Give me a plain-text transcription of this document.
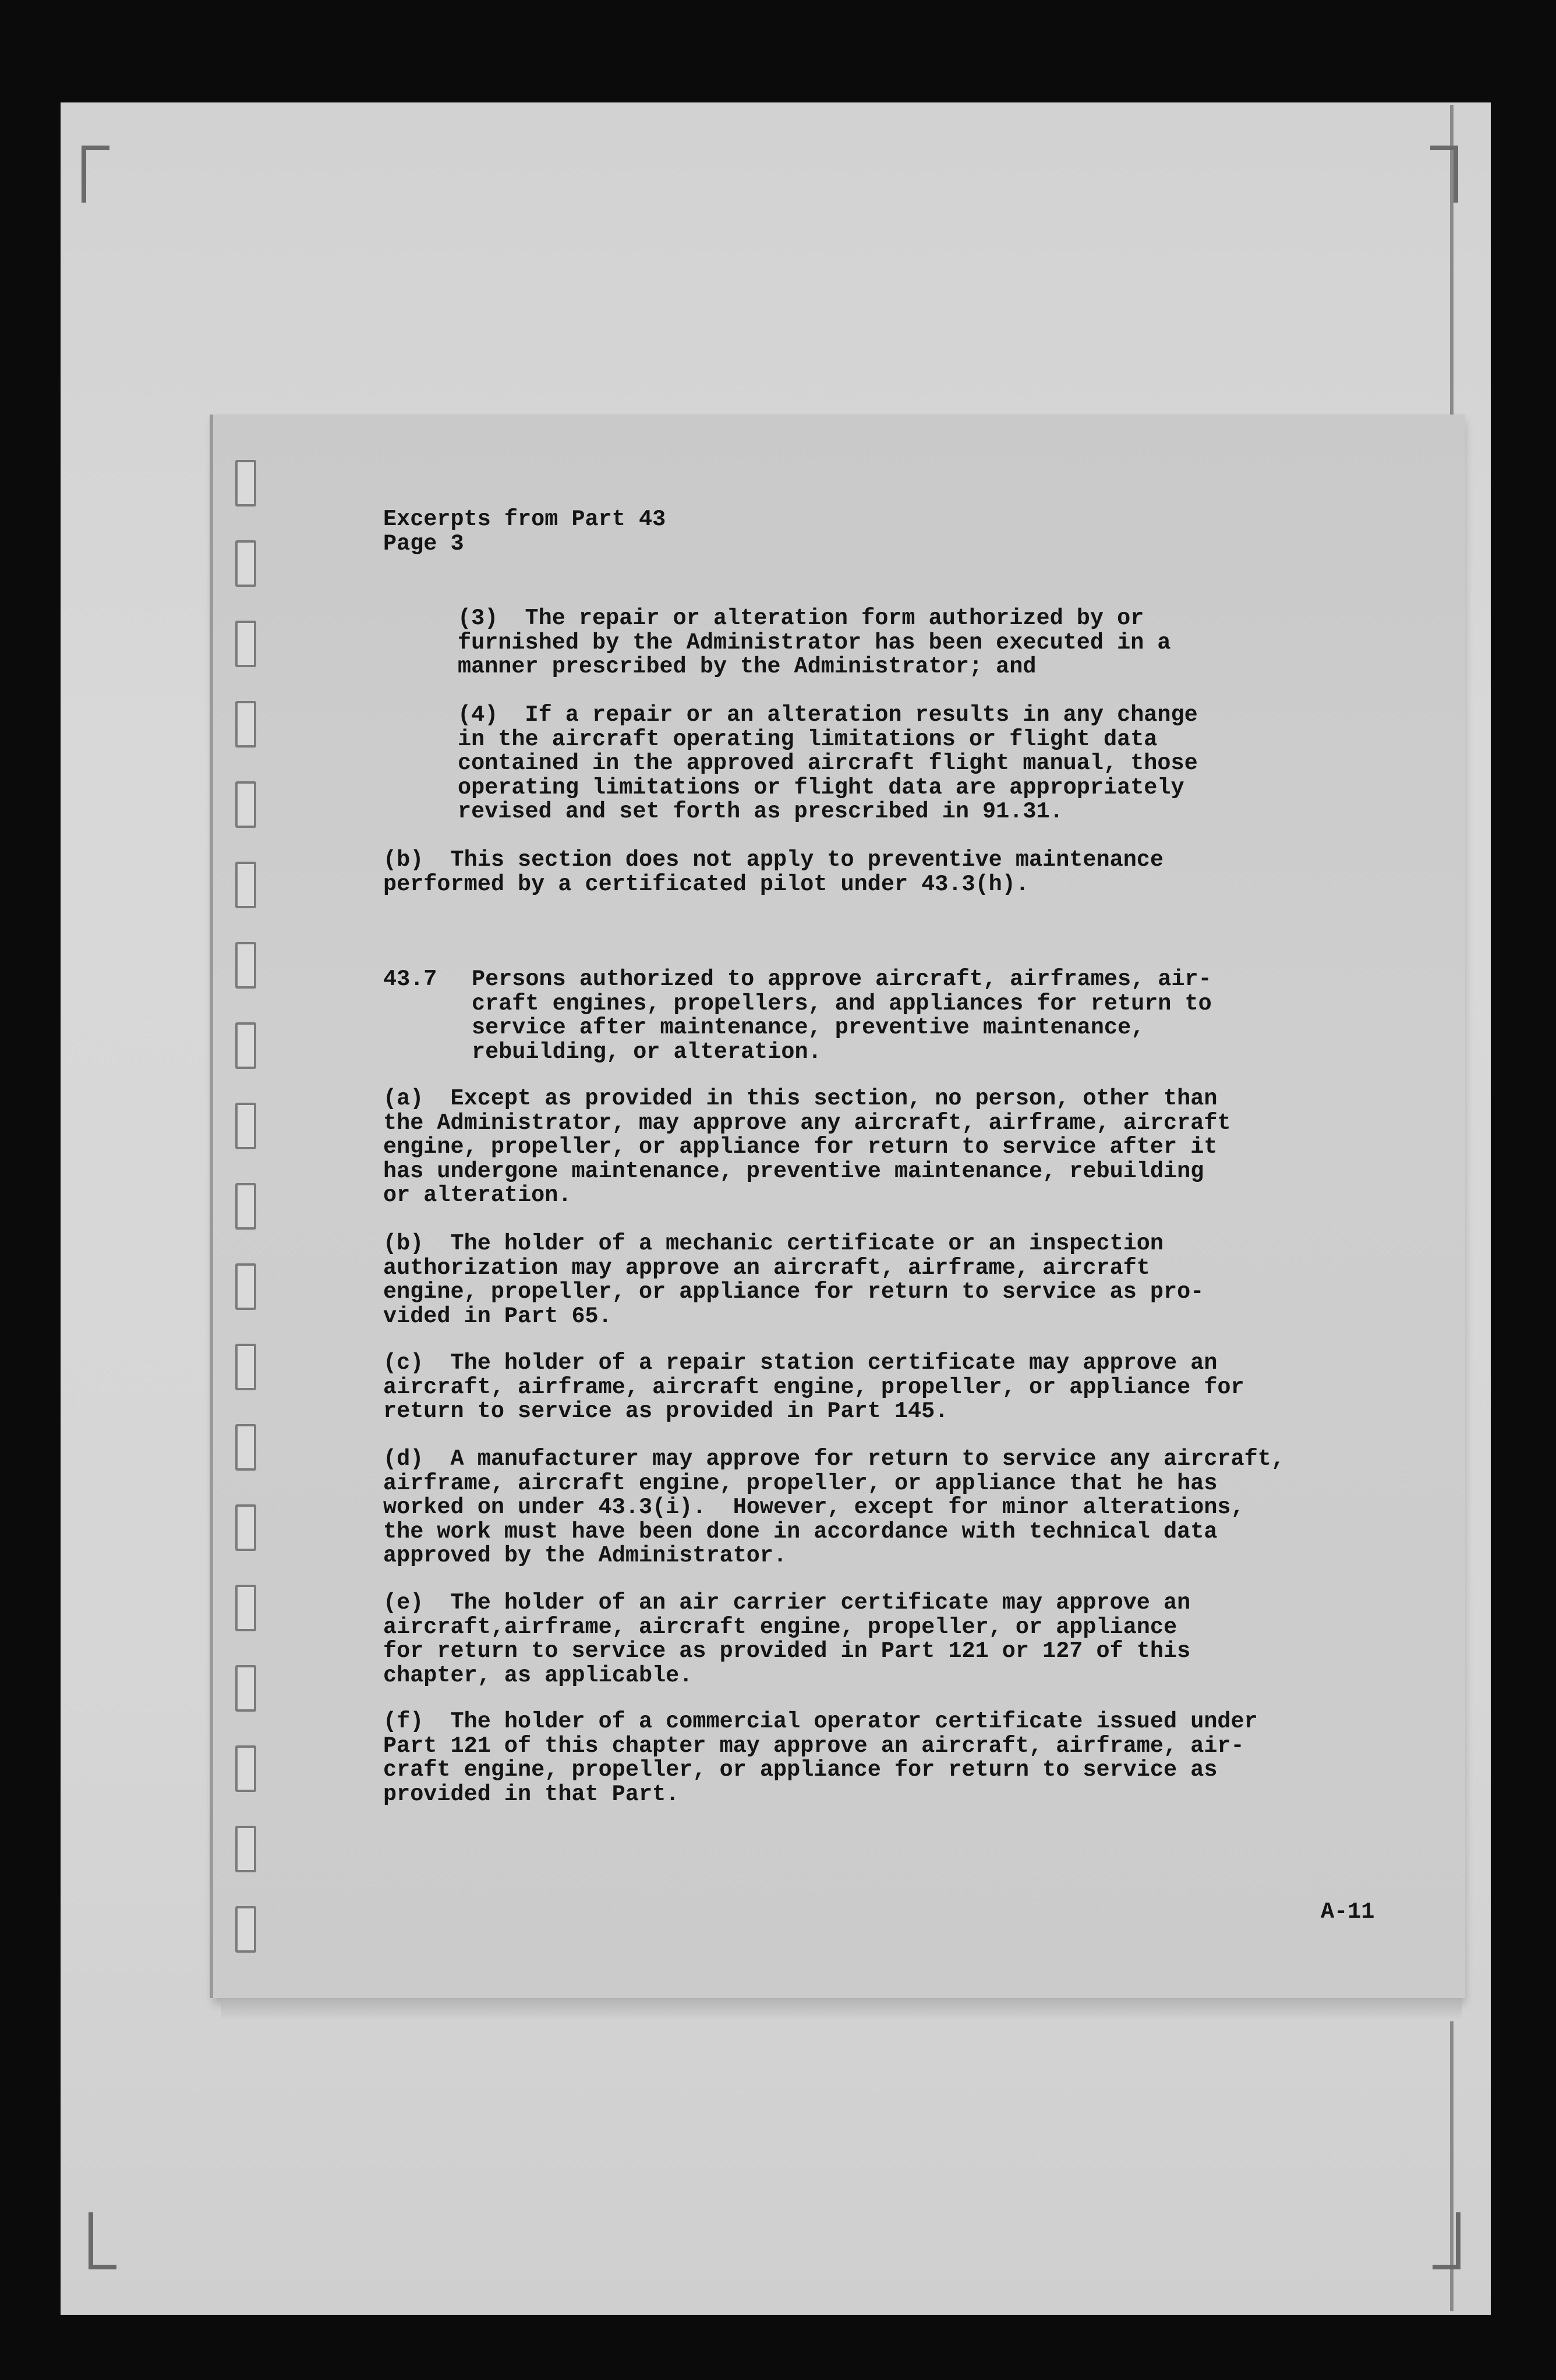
Excerpts from Part 43
Page 3

(3)  The repair or alteration form authorized by or
furnished by the Administrator has been executed in a
manner prescribed by the Administrator; and

(4)  If a repair or an alteration results in any change
in the aircraft operating limitations or flight data
contained in the approved aircraft flight manual, those
operating limitations or flight data are appropriately
revised and set forth as prescribed in 91.31.

(b)  This section does not apply to preventive maintenance
performed by a certificated pilot under 43.3(h).

43.7 Persons authorized to approve aircraft, airframes, air-
craft engines, propellers, and appliances for return to
service after maintenance, preventive maintenance,
rebuilding, or alteration.

(a)  Except as provided in this section, no person, other than
the Administrator, may approve any aircraft, airframe, aircraft
engine, propeller, or appliance for return to service after it
has undergone maintenance, preventive maintenance, rebuilding
or alteration.

(b)  The holder of a mechanic certificate or an inspection
authorization may approve an aircraft, airframe, aircraft
engine, propeller, or appliance for return to service as pro-
vided in Part 65.

(c)  The holder of a repair station certificate may approve an
aircraft, airframe, aircraft engine, propeller, or appliance for
return to service as provided in Part 145.

(d)  A manufacturer may approve for return to service any aircraft,
airframe, aircraft engine, propeller, or appliance that he has
worked on under 43.3(i).  However, except for minor alterations,
the work must have been done in accordance with technical data
approved by the Administrator.

(e)  The holder of an air carrier certificate may approve an
aircraft,airframe, aircraft engine, propeller, or appliance
for return to service as provided in Part 121 or 127 of this
chapter, as applicable.

(f)  The holder of a commercial operator certificate issued under
Part 121 of this chapter may approve an aircraft, airframe, air-
craft engine, propeller, or appliance for return to service as
provided in that Part.

A-11
